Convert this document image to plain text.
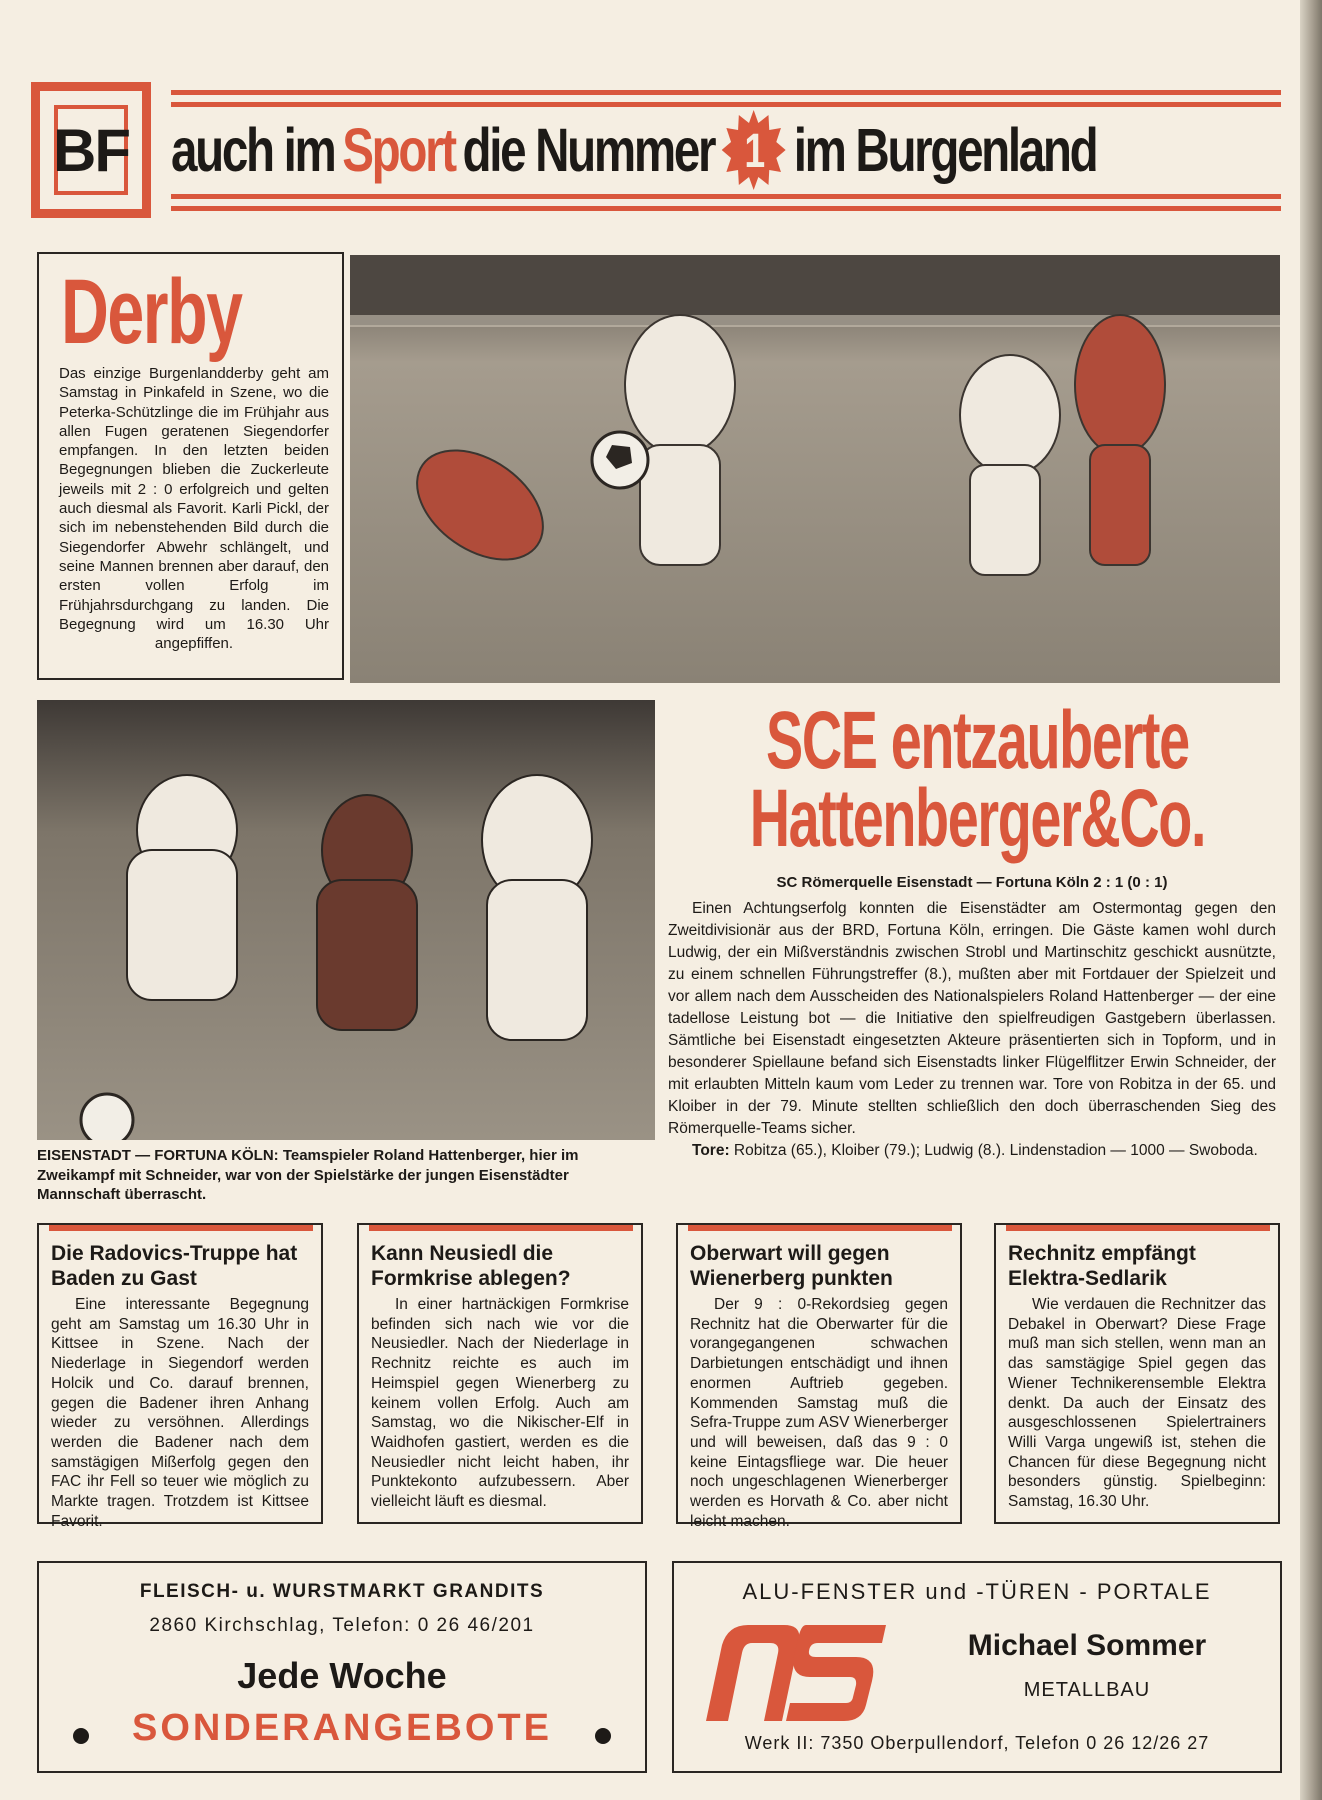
BF auch im Sport die Nummer 1 im Burgenland
Derby
Das einzige Burgenlandderby geht am Samstag in Pinkafeld in Szene, wo die Peterka-Schützlinge die im Frühjahr aus allen Fugen geratenen Siegendorfer empfangen. In den letzten beiden Begegnungen blieben die Zuckerleute jeweils mit 2 : 0 erfolgreich und gelten auch diesmal als Favorit. Karli Pickl, der sich im nebenstehenden Bild durch die Siegendorfer Abwehr schlängelt, und seine Mannen brennen aber darauf, den ersten vollen Erfolg im Frühjahrsdurchgang zu landen. Die Begegnung wird um 16.30 Uhr angepfiffen.
EISENSTADT — FORTUNA KÖLN: Teamspieler Roland Hattenberger, hier im Zweikampf mit Schneider, war von der Spielstärke der jungen Eisenstädter Mannschaft überrascht.
SCE entzauberte
Hattenberger&Co.
SC Römerquelle Eisenstadt — Fortuna Köln 2 : 1 (0 : 1)

Einen Achtungserfolg konnten die Eisenstädter am Ostermontag gegen den Zweitdivisionär aus der BRD, Fortuna Köln, erringen. Die Gäste kamen wohl durch Ludwig, der ein Mißverständnis zwischen Strobl und Martinschitz geschickt ausnützte, zu einem schnellen Führungstreffer (8.), mußten aber mit Fortdauer der Spielzeit und vor allem nach dem Ausscheiden des Nationalspielers Roland Hattenberger — der eine tadellose Leistung bot — die Initiative den spielfreudigen Gastgebern überlassen. Sämtliche bei Eisenstadt eingesetzten Akteure präsentierten sich in Topform, und in besonderer Spiellaune befand sich Eisenstadts linker Flügelflitzer Erwin Schneider, der mit erlaubten Mitteln kaum vom Leder zu trennen war. Tore von Robitza in der 65. und Kloiber in der 79. Minute stellten schließlich den doch überraschenden Sieg des Römerquelle-Teams sicher.

Tore: Robitza (65.), Kloiber (79.); Ludwig (8.). Lindenstadion — 1000 — Swoboda.

Die Radovics-Truppe hat Baden zu Gast
Eine interessante Begegnung geht am Samstag um 16.30 Uhr in Kittsee in Szene. Nach der Niederlage in Siegendorf werden Holcik und Co. darauf brennen, gegen die Badener ihren Anhang wieder zu versöhnen. Allerdings werden die Badener nach dem samstägigen Mißerfolg gegen den FAC ihr Fell so teuer wie möglich zu Markte tragen. Trotzdem ist Kittsee Favorit.
Kann Neusiedl die Formkrise ablegen?
In einer hartnäckigen Formkrise befinden sich nach wie vor die Neusiedler. Nach der Niederlage in Rechnitz reichte es auch im Heimspiel gegen Wienerberg zu keinem vollen Erfolg. Auch am Samstag, wo die Nikischer-Elf in Waidhofen gastiert, werden es die Neusiedler nicht leicht haben, ihr Punktekonto aufzubessern. Aber vielleicht läuft es diesmal.
Oberwart will gegen Wienerberg punkten
Der 9 : 0-Rekordsieg gegen Rechnitz hat die Oberwarter für die vorangegangenen schwachen Darbietungen entschädigt und ihnen enormen Auftrieb gegeben. Kommenden Samstag muß die Sefra-Truppe zum ASV Wienerberger und will beweisen, daß das 9 : 0 keine Eintagsfliege war. Die heuer noch ungeschlagenen Wienerberger werden es Horvath & Co. aber nicht leicht machen.
Rechnitz empfängt Elektra-Sedlarik
Wie verdauen die Rechnitzer das Debakel in Oberwart? Diese Frage muß man sich stellen, wenn man an das samstägige Spiel gegen das Wiener Technikerensemble Elektra denkt. Da auch der Einsatz des ausgeschlossenen Spielertrainers Willi Varga ungewiß ist, stehen die Chancen für diese Begegnung nicht besonders günstig. Spielbeginn: Samstag, 16.30 Uhr.
FLEISCH- u. WURSTMARKT GRANDITS
2860 Kirchschlag, Telefon: 0 26 46/201
Jede Woche
SONDERANGEBOTE
ALU-FENSTER und -TÜREN - PORTALE
Michael Sommer
METALLBAU
Werk II: 7350 Oberpullendorf, Telefon 0 26 12/26 27
